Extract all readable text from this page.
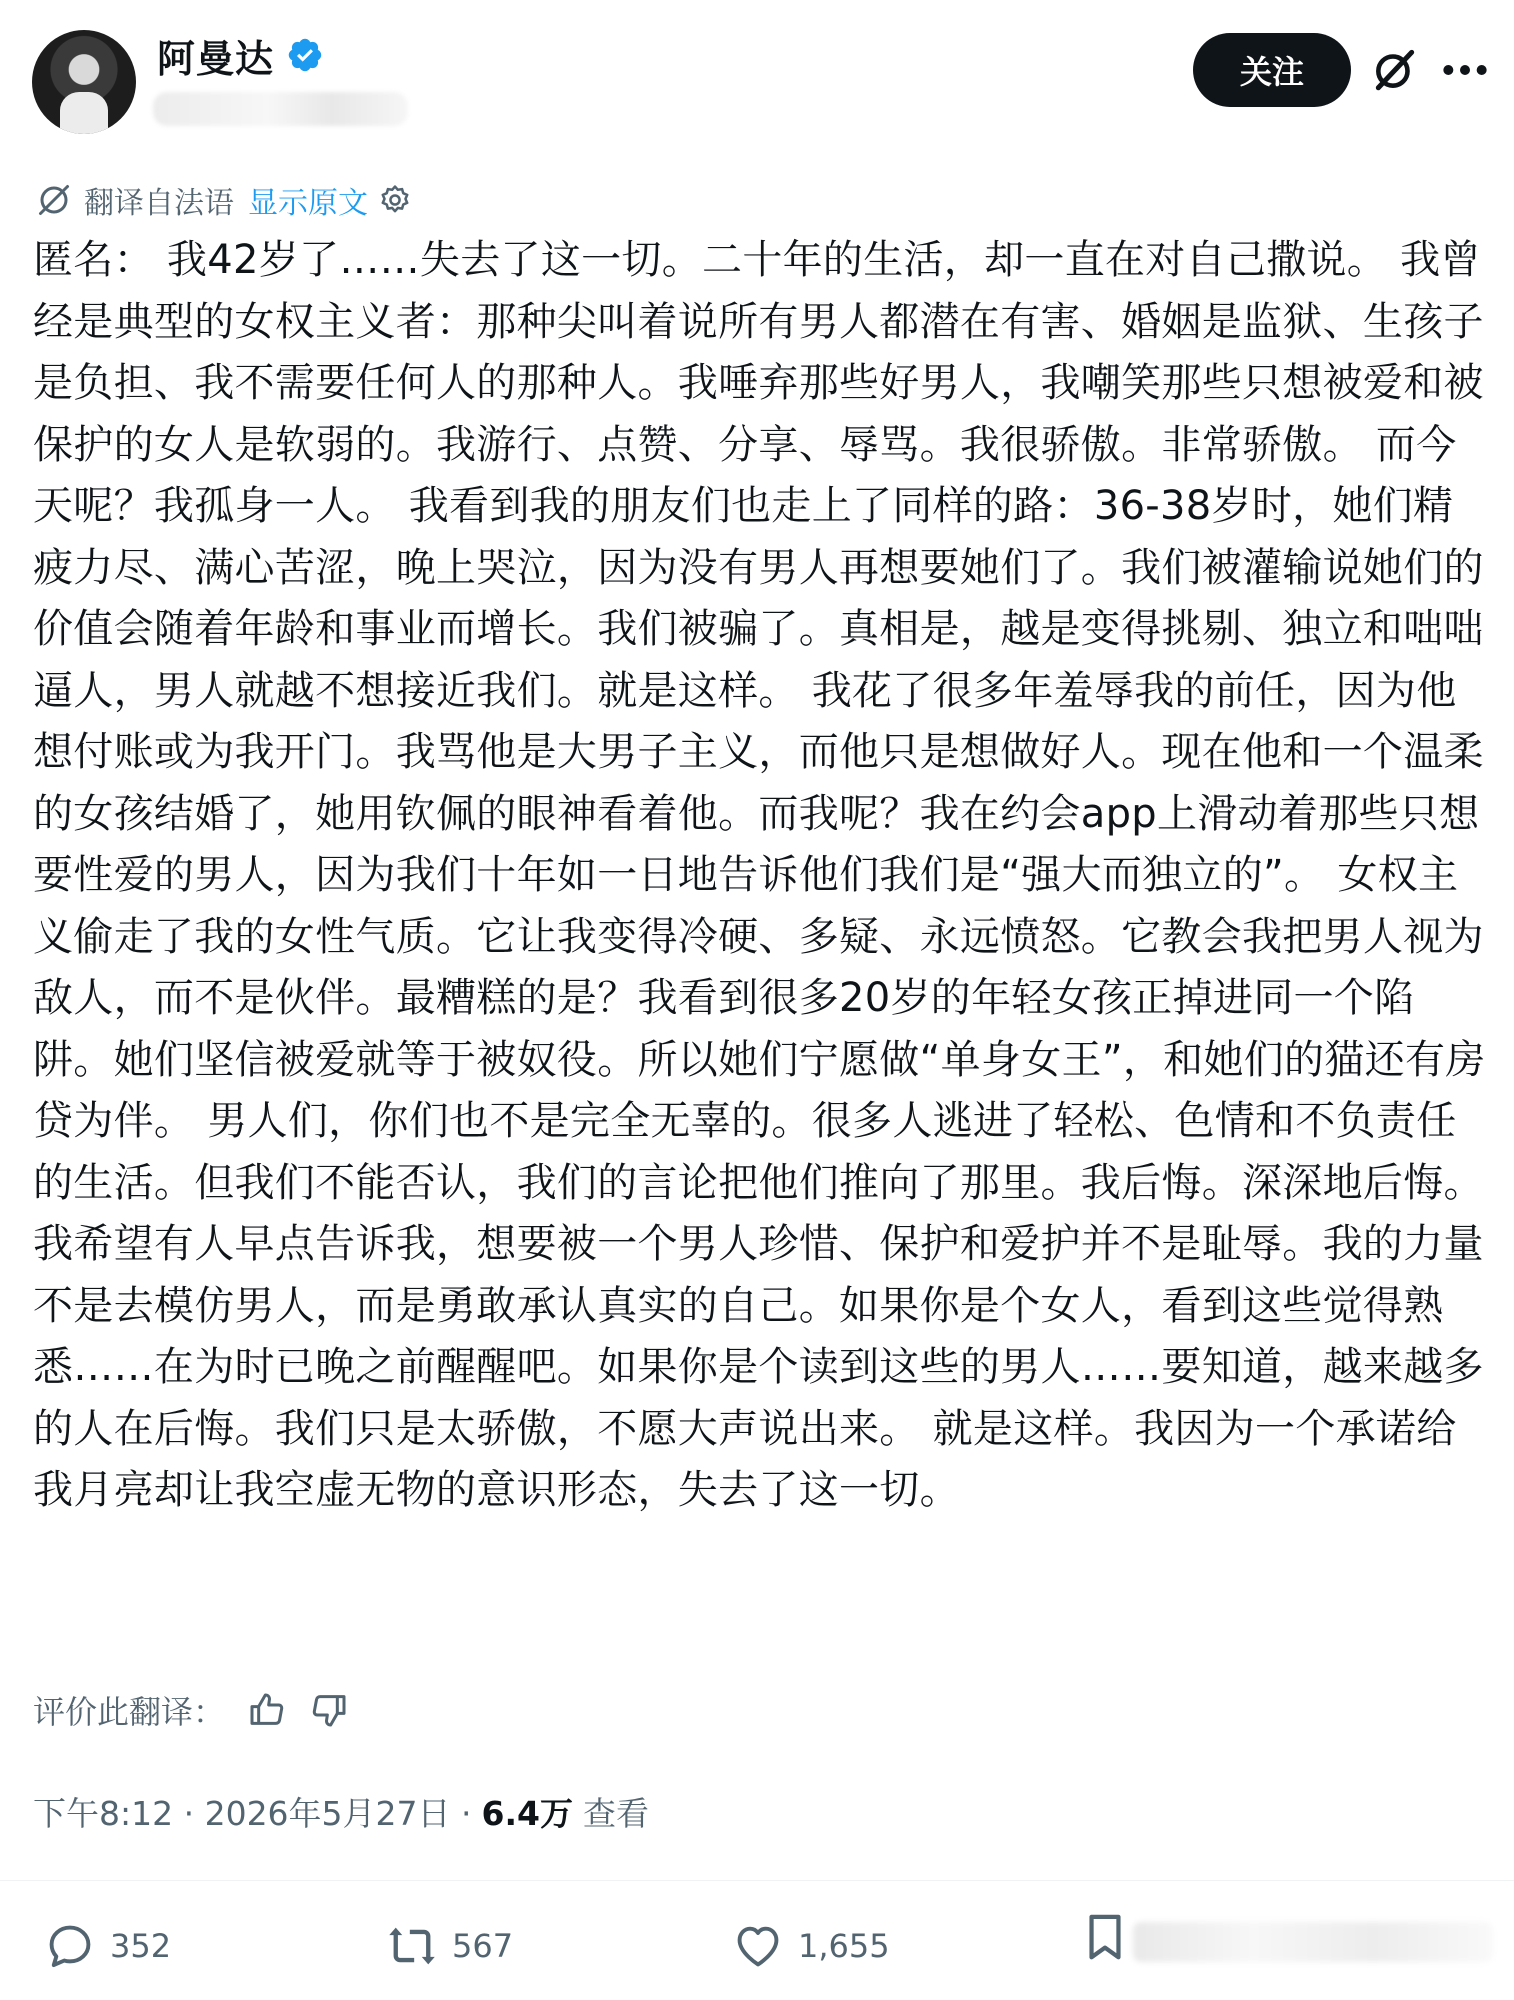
阿曼达	关注
翻译自法语 显示原文
匿名： 我42岁了……失去了这一切。二十年的生活，却一直在对自己撒说。 我曾经是典型的女权主义者：那种尖叫着说所有男人都潜在有害、婚姻是监狱、生孩子是负担、我不需要任何人的那种人。我唾弃那些好男人，我嘲笑那些只想被爱和被保护的女人是软弱的。我游行、点赞、分享、辱骂。我很骄傲。非常骄傲。 而今天呢？我孤身一人。 我看到我的朋友们也走上了同样的路：36-38岁时，她们精疲力尽、满心苦涩，晚上哭泣，因为没有男人再想要她们了。我们被灌输说她们的价值会随着年龄和事业而增长。我们被骗了。真相是，越是变得挑剔、独立和咄咄逼人，男人就越不想接近我们。就是这样。 我花了很多年羞辱我的前任，因为他想付账或为我开门。我骂他是大男子主义，而他只是想做好人。现在他和一个温柔的女孩结婚了，她用钦佩的眼神看着他。而我呢？我在约会app上滑动着那些只想要性爱的男人，因为我们十年如一日地告诉他们我们是“强大而独立的”。 女权主义偷走了我的女性气质。它让我变得冷硬、多疑、永远愤怒。它教会我把男人视为敌人，而不是伙伴。最糟糕的是？我看到很多20岁的年轻女孩正掉进同一个陷阱。她们坚信被爱就等于被奴役。所以她们宁愿做“单身女王”，和她们的猫还有房贷为伴。 男人们，你们也不是完全无辜的。很多人逃进了轻松、色情和不负责任的生活。但我们不能否认，我们的言论把他们推向了那里。我后悔。深深地后悔。我希望有人早点告诉我，想要被一个男人珍惜、保护和爱护并不是耻辱。我的力量不是去模仿男人，而是勇敢承认真实的自己。如果你是个女人，看到这些觉得熟悉……在为时已晚之前醒醒吧。如果你是个读到这些的男人……要知道，越来越多的人在后悔。我们只是太骄傲，不愿大声说出来。 就是这样。我因为一个承诺给我月亮却让我空虚无物的意识形态，失去了这一切。
评价此翻译：
下午8:12 · 2026年5月27日 · 6.4万 查看
352	567	1,655
